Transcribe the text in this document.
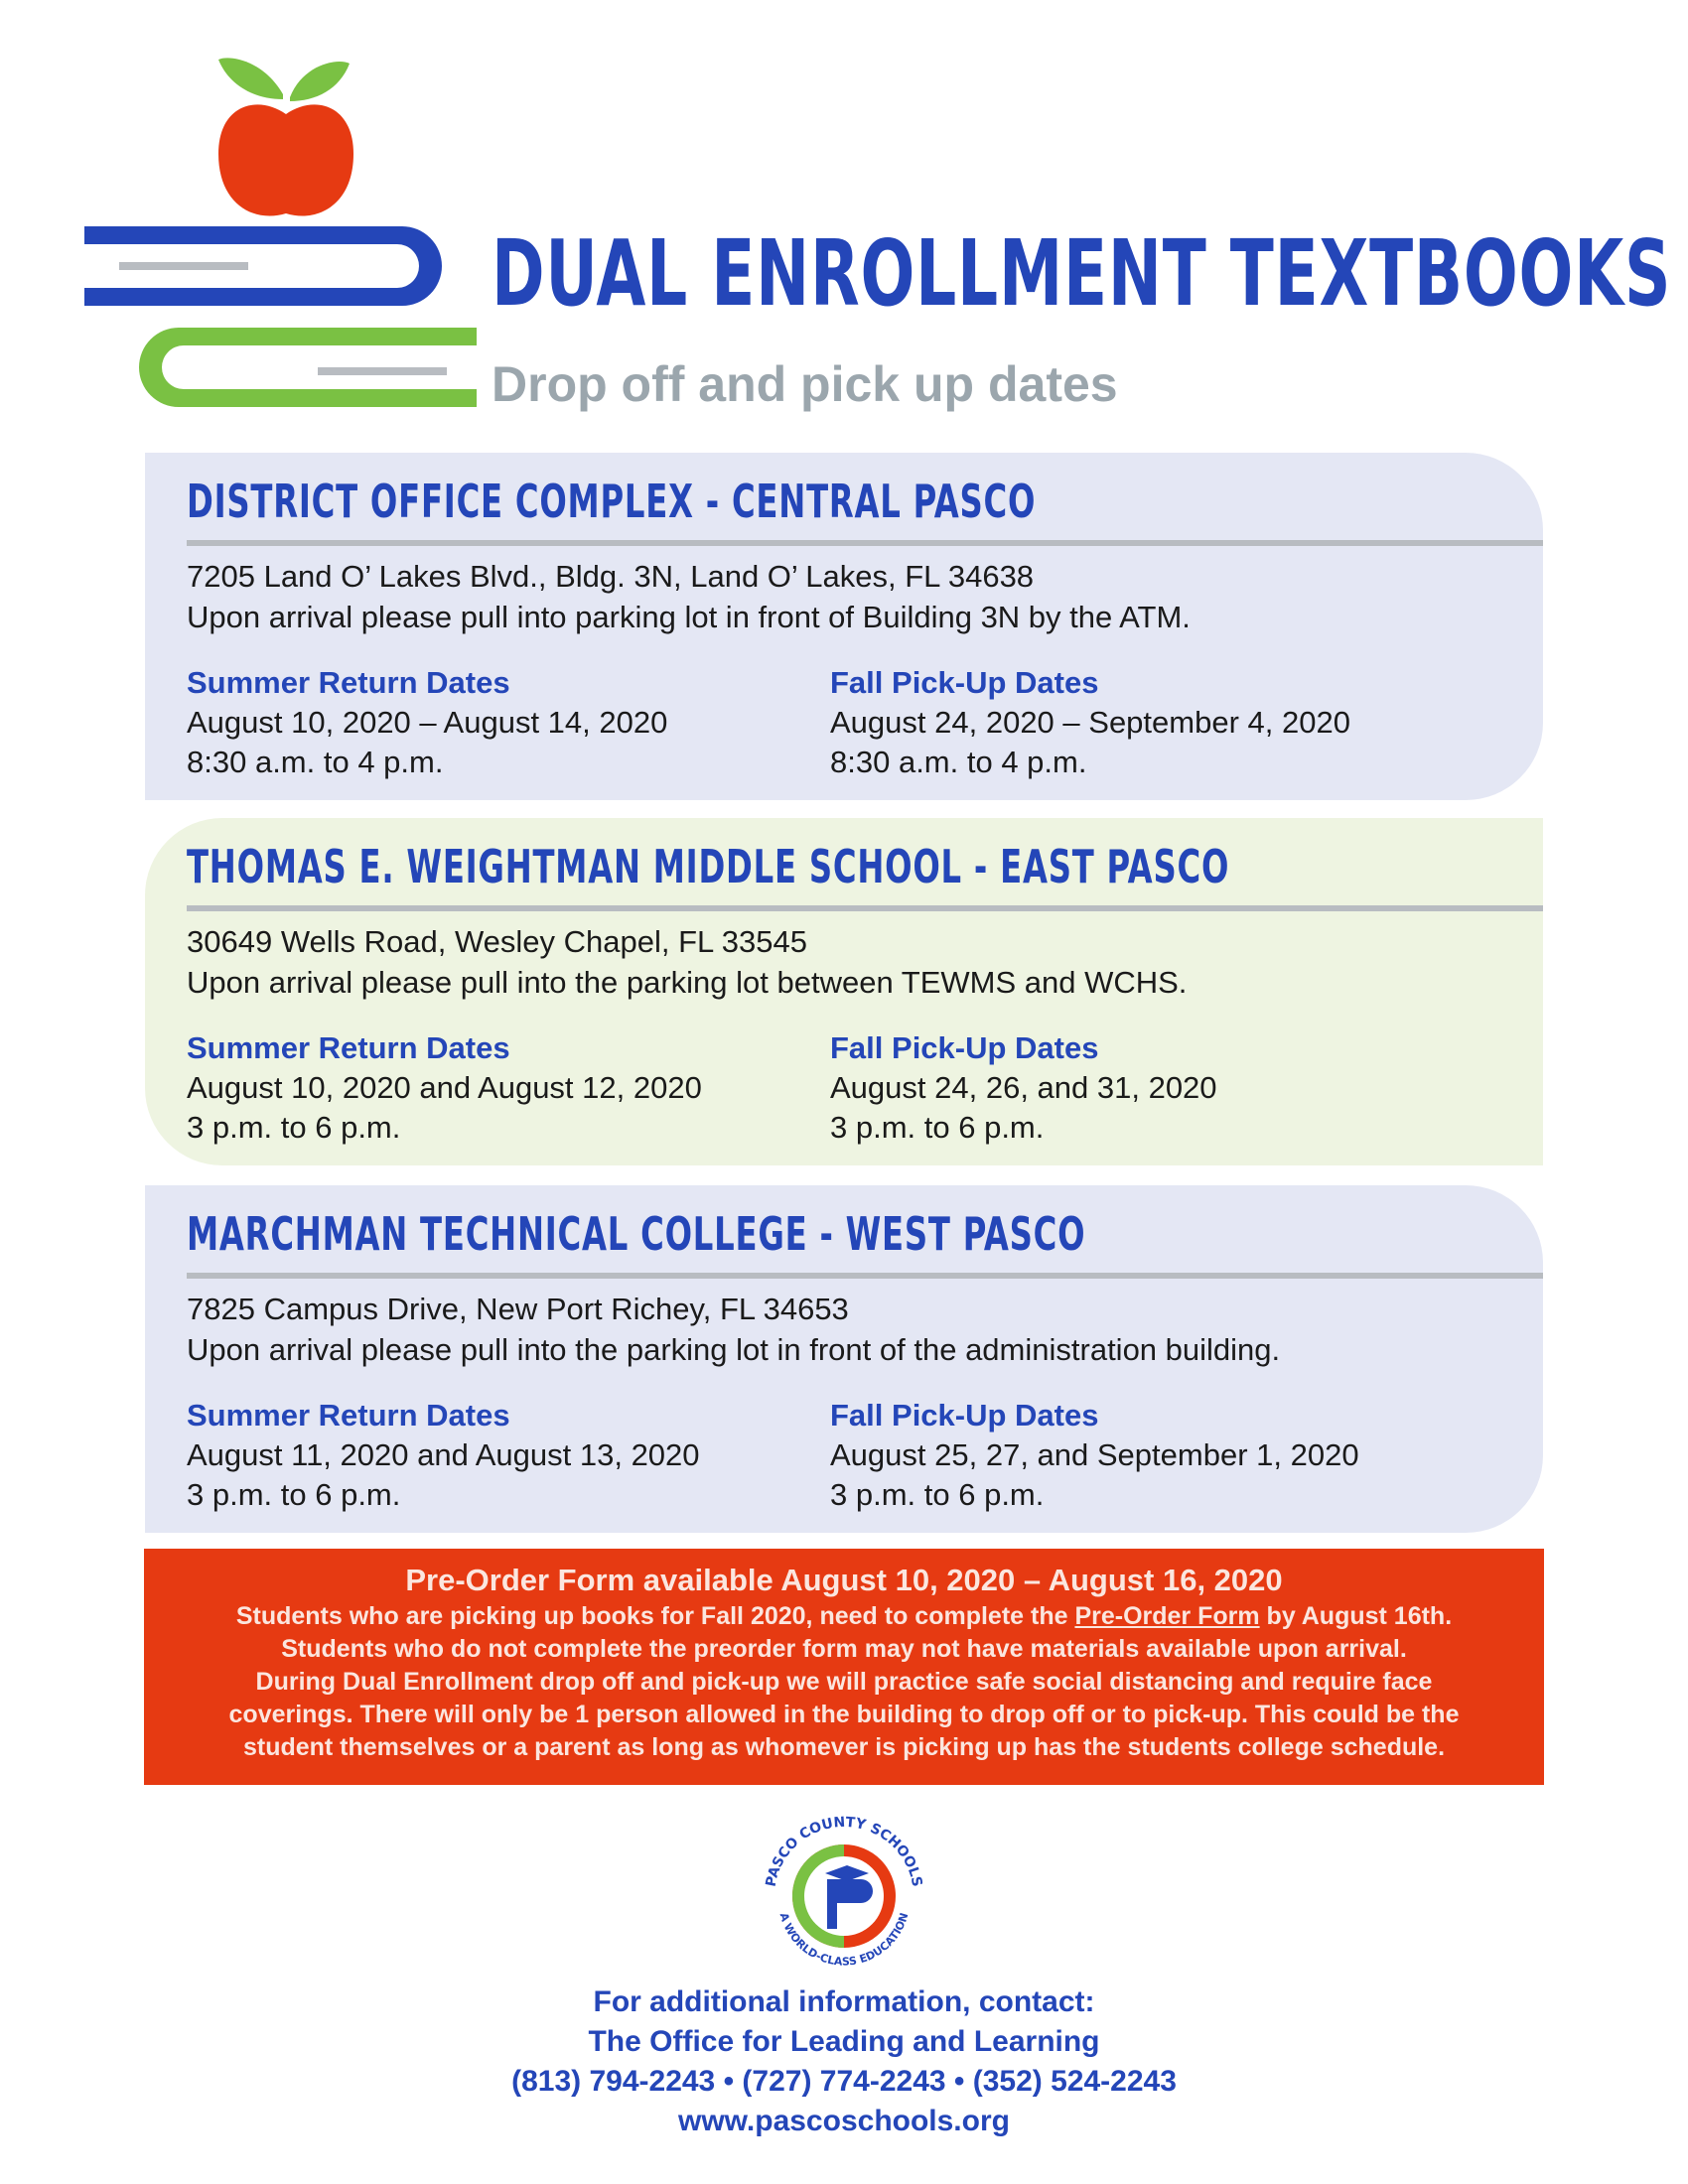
DUAL ENROLLMENT TEXTBOOKS
Drop off and pick up dates
DISTRICT OFFICE COMPLEX - CENTRAL PASCO
7205 Land O’ Lakes Blvd., Bldg. 3N, Land O’ Lakes, FL 34638
Upon arrival please pull into parking lot in front of Building 3N by the ATM.
Summer Return Dates
August 10, 2020 – August 14, 2020
8:30 a.m. to 4 p.m.
Fall Pick-Up Dates
August 24, 2020 – September 4, 2020
8:30 a.m. to 4 p.m.
THOMAS E. WEIGHTMAN MIDDLE SCHOOL - EAST PASCO
30649 Wells Road, Wesley Chapel, FL 33545
Upon arrival please pull into the parking lot between TEWMS and WCHS.
Summer Return Dates
August 10, 2020 and August 12, 2020
3 p.m. to 6 p.m.
Fall Pick-Up Dates
August 24, 26, and 31, 2020
3 p.m. to 6 p.m.
MARCHMAN TECHNICAL COLLEGE - WEST PASCO
7825 Campus Drive, New Port Richey, FL 34653
Upon arrival please pull into the parking lot in front of the administration building.
Summer Return Dates
August 11, 2020 and August 13, 2020
3 p.m. to 6 p.m.
Fall Pick-Up Dates
August 25, 27, and September 1, 2020
3 p.m. to 6 p.m.
Pre-Order Form available August 10, 2020 – August 16, 2020
Students who are picking up books for Fall 2020, need to complete the Pre-Order Form by August 16th.
Students who do not complete the preorder form may not have materials available upon arrival.
During Dual Enrollment drop off and pick-up we will practice safe social distancing and require face
coverings. There will only be 1 person allowed in the building to drop off or to pick-up. This could be the
student themselves or a parent as long as whomever is picking up has the students college schedule.
PASCO COUNTY SCHOOLS
A WORLD-CLASS EDUCATION
For additional information, contact:
The Office for Leading and Learning
(813) 794-2243 • (727) 774-2243 • (352) 524-2243
www.pascoschools.org
